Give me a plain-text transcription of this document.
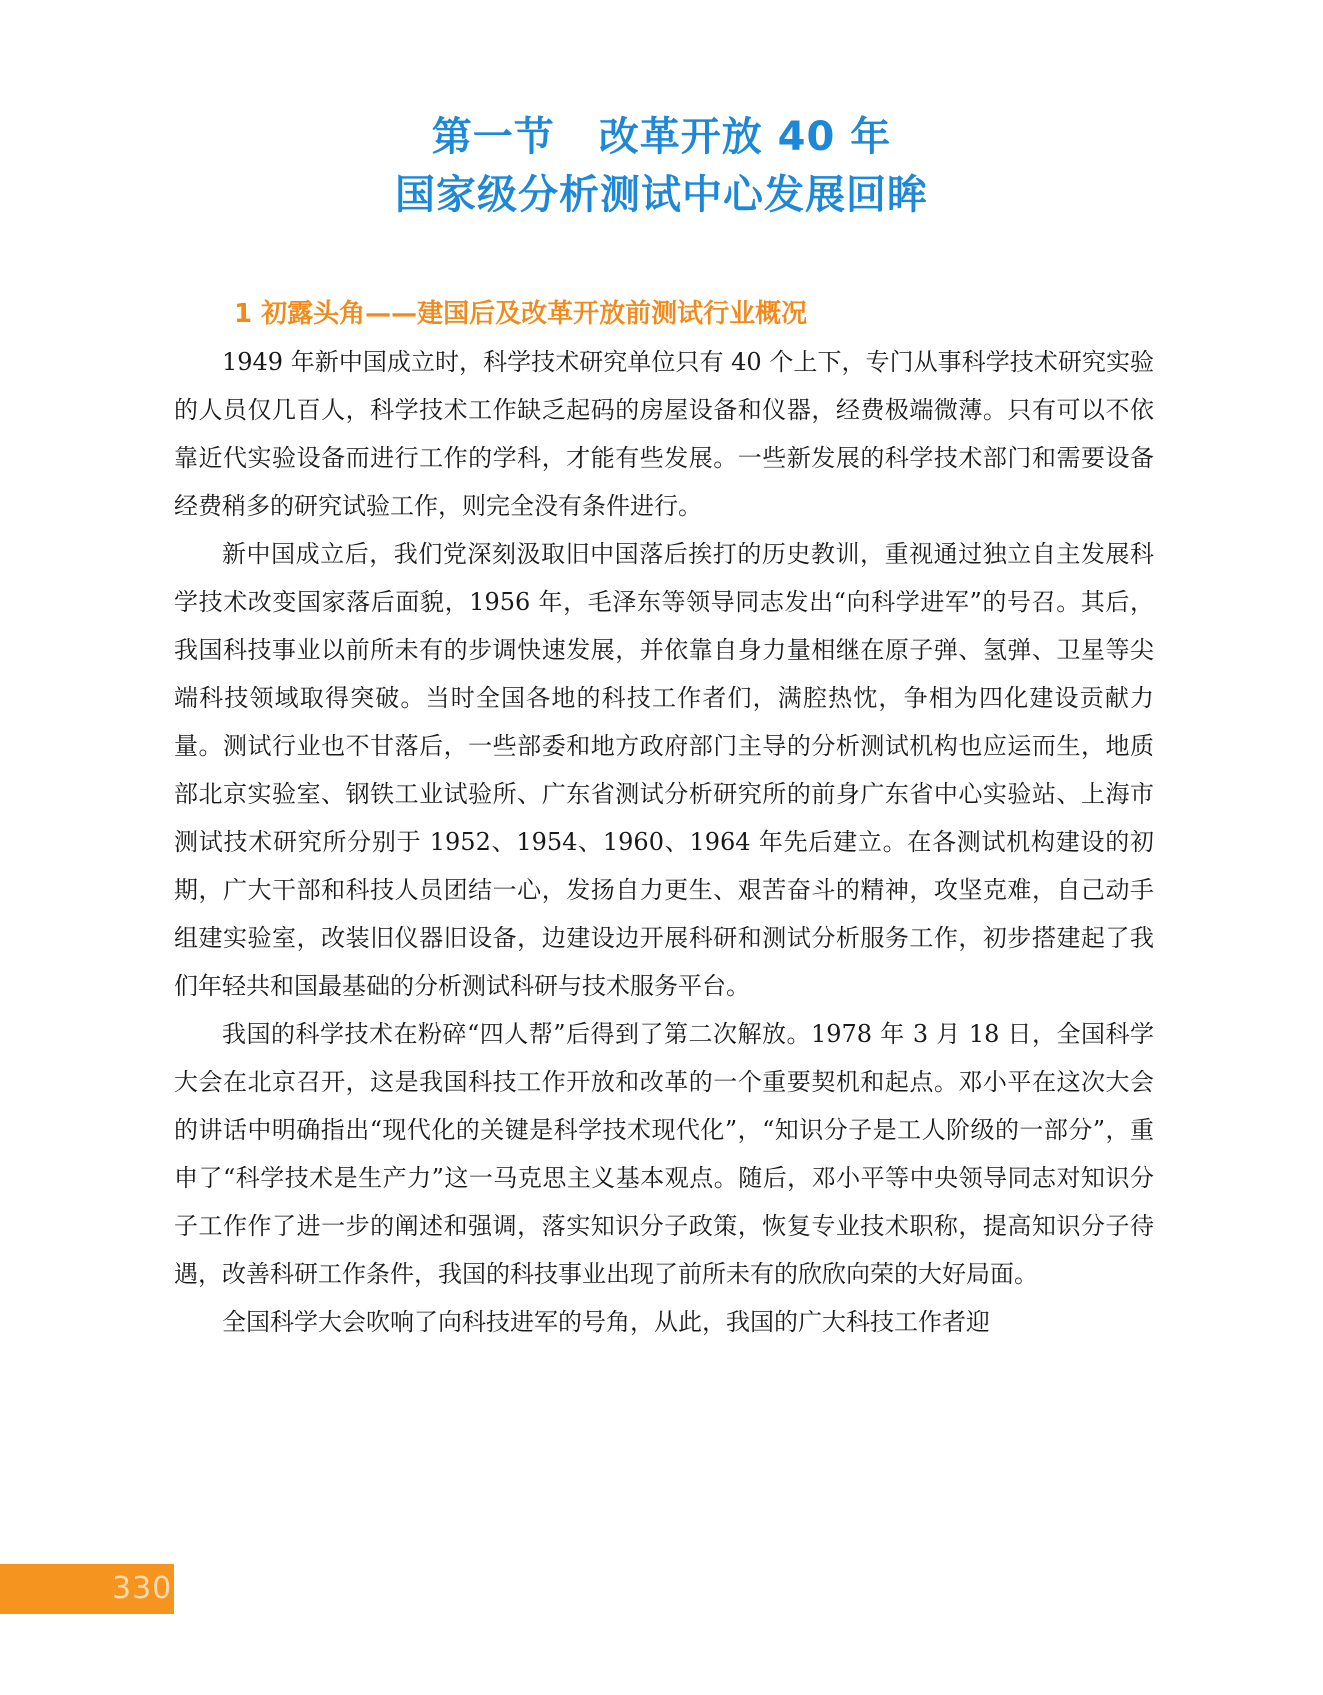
第一节 改革开放 40 年
国家级分析测试中心发展回眸
1 初露头角——建国后及改革开放前测试行业概况

1949 年新中国成立时，科学技术研究单位只有 40 个上下，专门从事科学技术研究实验的人员仅几百人，科学技术工作缺乏起码的房屋设备和仪器，经费极端微薄。只有可以不依靠近代实验设备而进行工作的学科，才能有些发展。一些新发展的科学技术部门和需要设备经费稍多的研究试验工作，则完全没有条件进行。

新中国成立后，我们党深刻汲取旧中国落后挨打的历史教训，重视通过独立自主发展科学技术改变国家落后面貌，1956 年，毛泽东等领导同志发出“向科学进军”的号召。其后，我国科技事业以前所未有的步调快速发展，并依靠自身力量相继在原子弹、氢弹、卫星等尖端科技领域取得突破。当时全国各地的科技工作者们，满腔热忱，争相为四化建设贡献力量。测试行业也不甘落后，一些部委和地方政府部门主导的分析测试机构也应运而生，地质部北京实验室、钢铁工业试验所、广东省测试分析研究所的前身广东省中心实验站、上海市测试技术研究所分别于 1952、1954、1960、1964 年先后建立。在各测试机构建设的初期，广大干部和科技人员团结一心，发扬自力更生、艰苦奋斗的精神，攻坚克难，自己动手组建实验室，改装旧仪器旧设备，边建设边开展科研和测试分析服务工作，初步搭建起了我们年轻共和国最基础的分析测试科研与技术服务平台。

我国的科学技术在粉碎“四人帮”后得到了第二次解放。1978 年 3 月 18 日，全国科学大会在北京召开，这是我国科技工作开放和改革的一个重要契机和起点。邓小平在这次大会的讲话中明确指出“现代化的关键是科学技术现代化”，“知识分子是工人阶级的一部分”，重申了“科学技术是生产力”这一马克思主义基本观点。随后，邓小平等中央领导同志对知识分子工作作了进一步的阐述和强调，落实知识分子政策，恢复专业技术职称，提高知识分子待遇，改善科研工作条件，我国的科技事业出现了前所未有的欣欣向荣的大好局面。

全国科学大会吹响了向科技进军的号角，从此，我国的广大科技工作者迎

330
